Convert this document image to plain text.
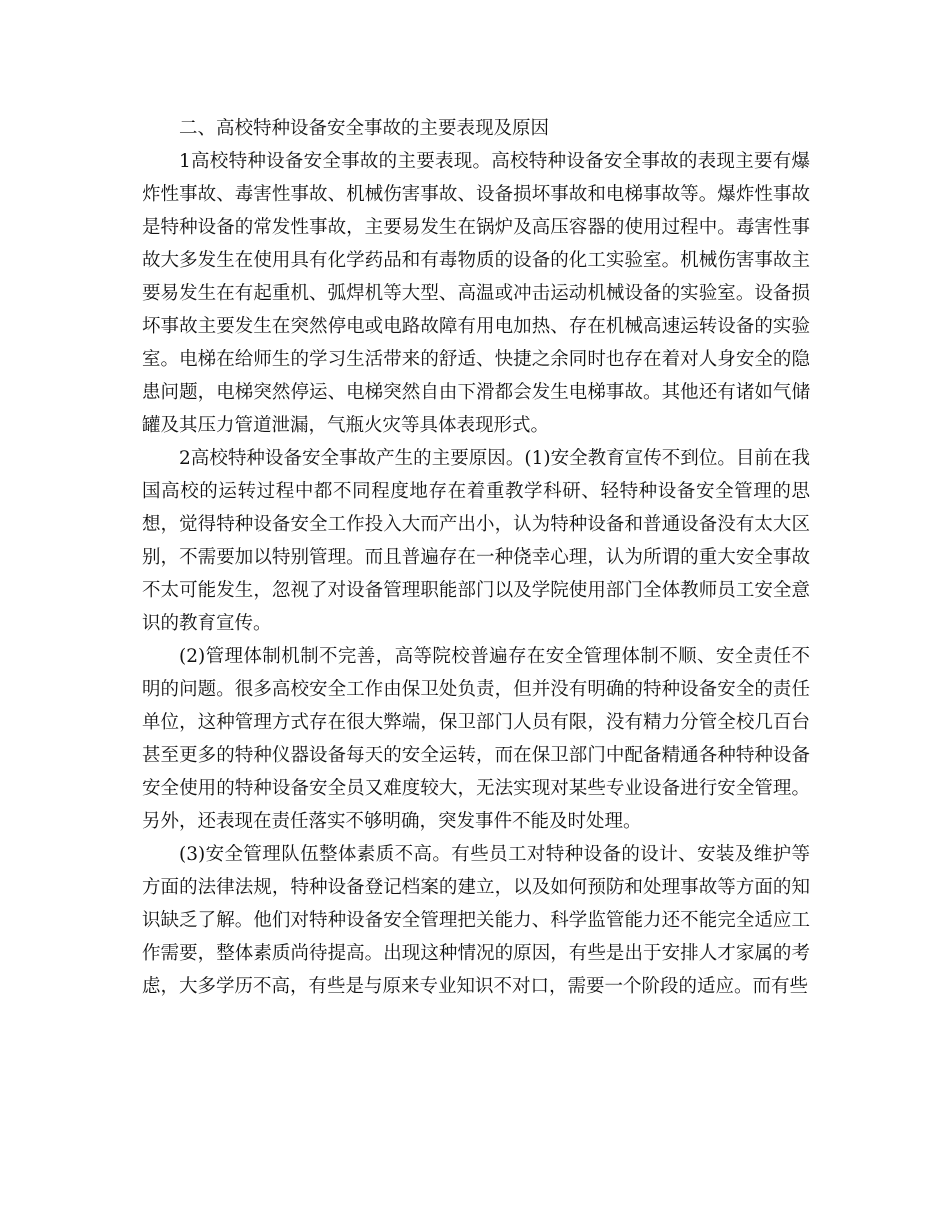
二、高校特种设备安全事故的主要表现及原因

1高校特种设备安全事故的主要表现。高校特种设备安全事故的表现主要有爆炸性事故、毒害性事故、机械伤害事故、设备损坏事故和电梯事故等。爆炸性事故是特种设备的常发性事故，主要易发生在锅炉及高压容器的使用过程中。毒害性事故大多发生在使用具有化学药品和有毒物质的设备的化工实验室。机械伤害事故主要易发生在有起重机、弧焊机等大型、高温或冲击运动机械设备的实验室。设备损坏事故主要发生在突然停电或电路故障有用电加热、存在机械高速运转设备的实验室。电梯在给师生的学习生活带来的舒适、快捷之余同时也存在着对人身安全的隐患问题，电梯突然停运、电梯突然自由下滑都会发生电梯事故。其他还有诸如气储罐及其压力管道泄漏，气瓶火灾等具体表现形式。

2高校特种设备安全事故产生的主要原因。(1)安全教育宣传不到位。目前在我国高校的运转过程中都不同程度地存在着重教学科研、轻特种设备安全管理的思想，觉得特种设备安全工作投入大而产出小，认为特种设备和普通设备没有太大区别，不需要加以特别管理。而且普遍存在一种侥幸心理，认为所谓的重大安全事故不太可能发生，忽视了对设备管理职能部门以及学院使用部门全体教师员工安全意识的教育宣传。

(2)管理体制机制不完善，高等院校普遍存在安全管理体制不顺、安全责任不明的问题。很多高校安全工作由保卫处负责，但并没有明确的特种设备安全的责任单位，这种管理方式存在很大弊端，保卫部门人员有限，没有精力分管全校几百台甚至更多的特种仪器设备每天的安全运转，而在保卫部门中配备精通各种特种设备安全使用的特种设备安全员又难度较大，无法实现对某些专业设备进行安全管理。另外，还表现在责任落实不够明确，突发事件不能及时处理。

(3)安全管理队伍整体素质不高。有些员工对特种设备的设计、安装及维护等方面的法律法规，特种设备登记档案的建立，以及如何预防和处理事故等方面的知识缺乏了解。他们对特种设备安全管理把关能力、科学监管能力还不能完全适应工作需要，整体素质尚待提高。出现这种情况的原因，有些是出于安排人才家属的考虑，大多学历不高，有些是与原来专业知识不对口，需要一个阶段的适应。而有些
